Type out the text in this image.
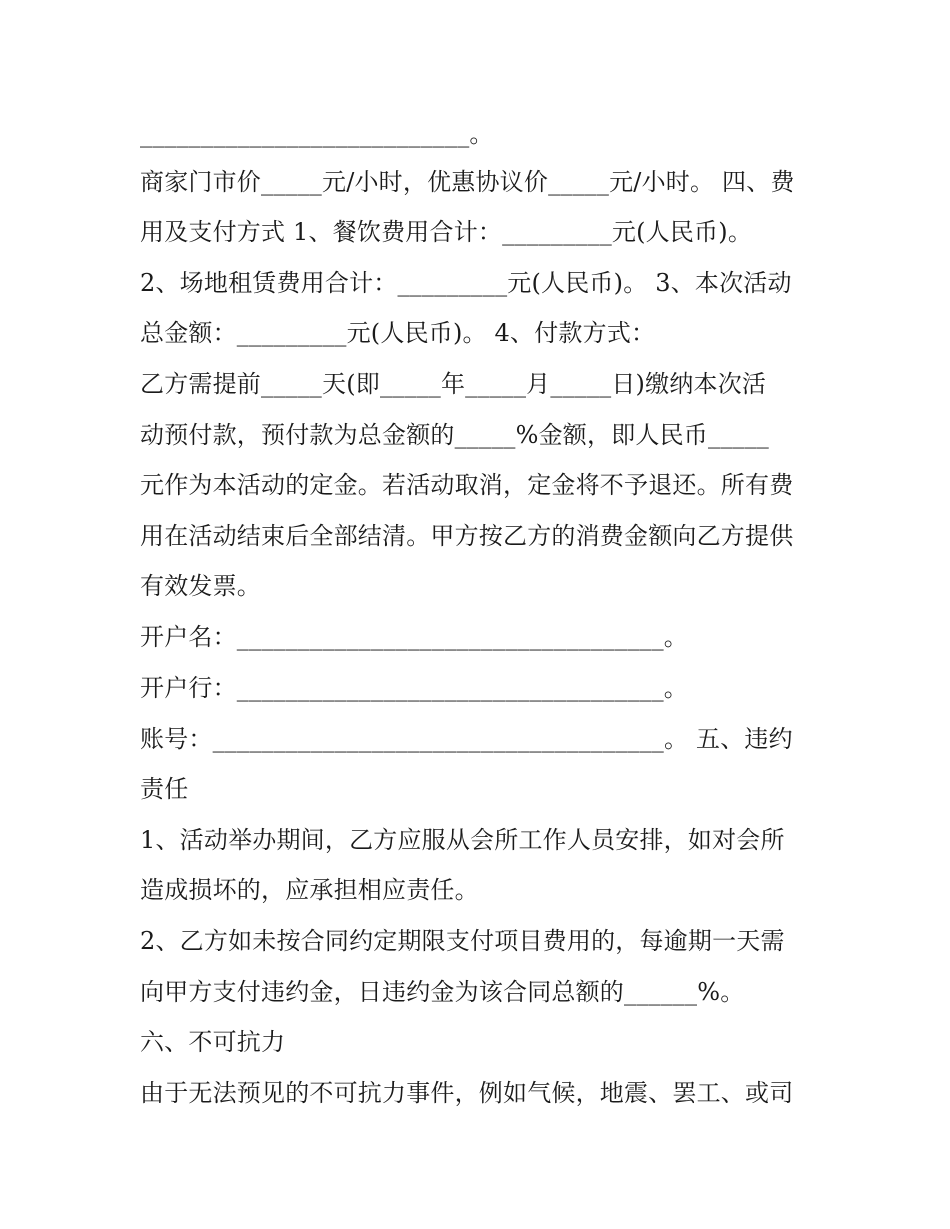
___________________________。
商家门市价_____元/小时，优惠协议价_____元/小时。 四、费
用及支付方式 1、餐饮费用合计：_________元(人民币)。
2、场地租赁费用合计：_________元(人民币)。 3、本次活动
总金额：_________元(人民币)。 4、付款方式：
乙方需提前_____天(即_____年_____月_____日)缴纳本次活
动预付款，预付款为总金额的_____%金额，即人民币_____
元作为本活动的定金。若活动取消，定金将不予退还。所有费
用在活动结束后全部结清。甲方按乙方的消费金额向乙方提供
有效发票。
开户名：___________________________________。
开户行：___________________________________。
账号：_____________________________________。 五、违约
责任
1、活动举办期间，乙方应服从会所工作人员安排，如对会所
造成损坏的，应承担相应责任。
2、乙方如未按合同约定期限支付项目费用的，每逾期一天需
向甲方支付违约金，日违约金为该合同总额的______%。
六、不可抗力
由于无法预见的不可抗力事件，例如气候，地震、罢工、或司
